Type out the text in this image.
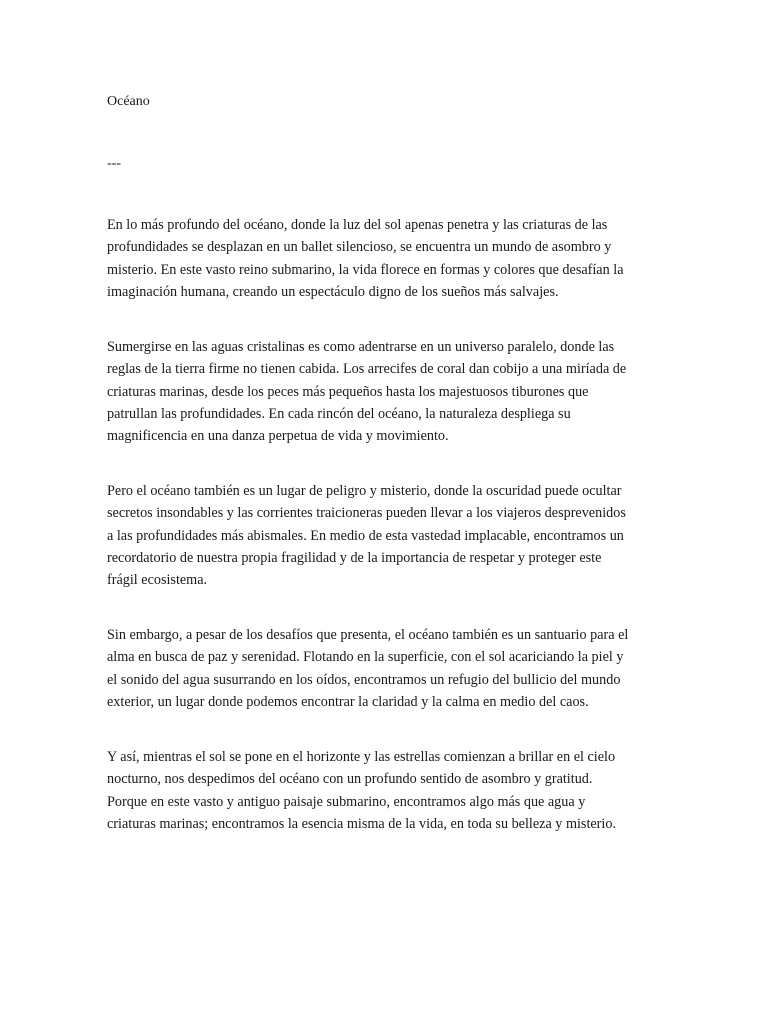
Océano
---

En lo más profundo del océano, donde la luz del sol apenas penetra y las criaturas de las
profundidades se desplazan en un ballet silencioso, se encuentra un mundo de asombro y
misterio. En este vasto reino submarino, la vida florece en formas y colores que desafían la
imaginación humana, creando un espectáculo digno de los sueños más salvajes.

Sumergirse en las aguas cristalinas es como adentrarse en un universo paralelo, donde las
reglas de la tierra firme no tienen cabida. Los arrecifes de coral dan cobijo a una miríada de
criaturas marinas, desde los peces más pequeños hasta los majestuosos tiburones que
patrullan las profundidades. En cada rincón del océano, la naturaleza despliega su
magnificencia en una danza perpetua de vida y movimiento.

Pero el océano también es un lugar de peligro y misterio, donde la oscuridad puede ocultar
secretos insondables y las corrientes traicioneras pueden llevar a los viajeros desprevenidos
a las profundidades más abismales. En medio de esta vastedad implacable, encontramos un
recordatorio de nuestra propia fragilidad y de la importancia de respetar y proteger este
frágil ecosistema.

Sin embargo, a pesar de los desafíos que presenta, el océano también es un santuario para el
alma en busca de paz y serenidad. Flotando en la superficie, con el sol acariciando la piel y
el sonido del agua susurrando en los oídos, encontramos un refugio del bullicio del mundo
exterior, un lugar donde podemos encontrar la claridad y la calma en medio del caos.

Y así, mientras el sol se pone en el horizonte y las estrellas comienzan a brillar en el cielo
nocturno, nos despedimos del océano con un profundo sentido de asombro y gratitud.
Porque en este vasto y antiguo paisaje submarino, encontramos algo más que agua y
criaturas marinas; encontramos la esencia misma de la vida, en toda su belleza y misterio.
